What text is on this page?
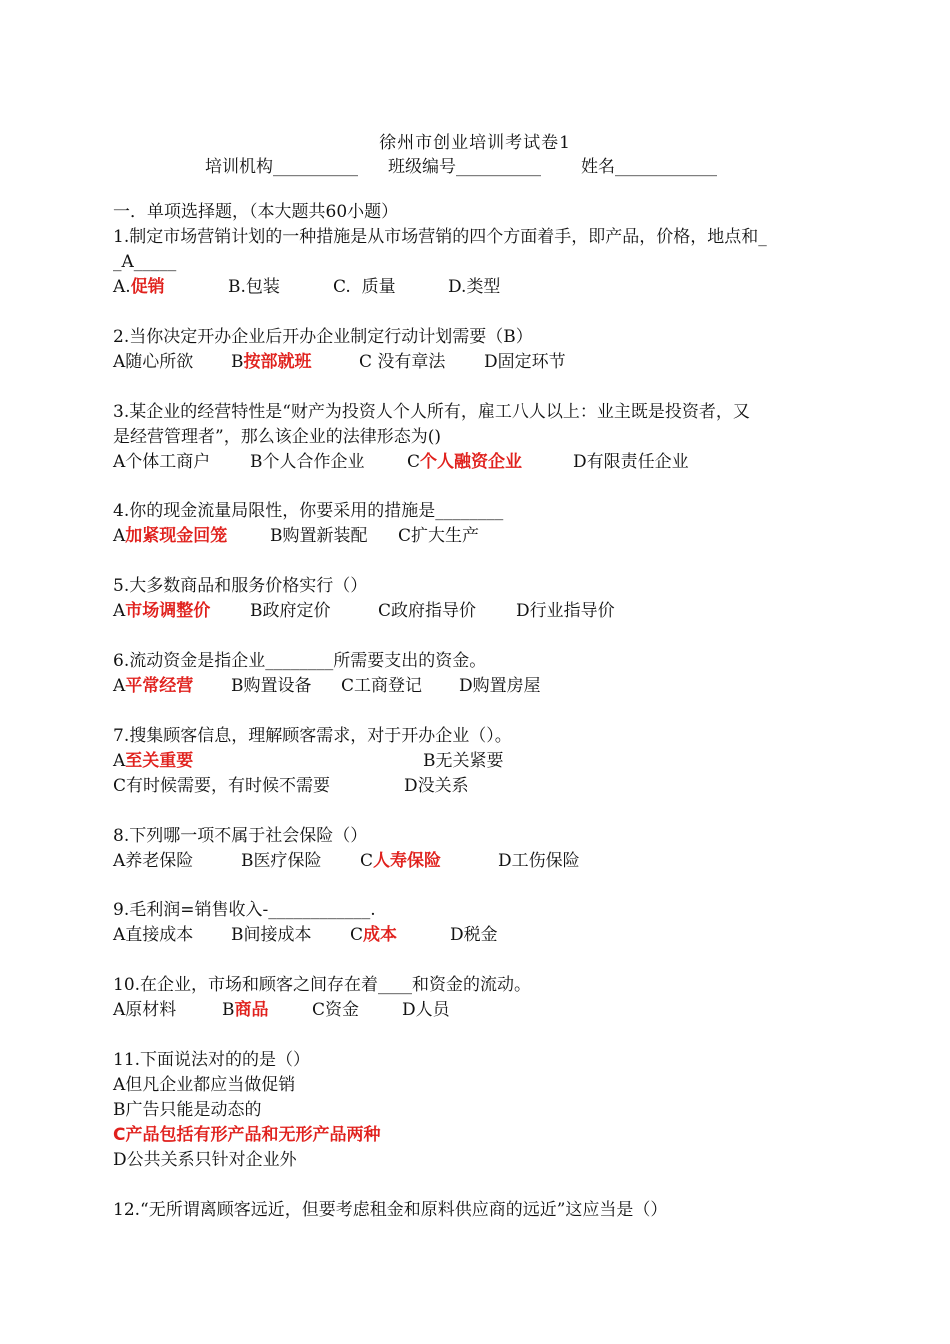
徐州市创业培训考试卷1
培训机构__________ 班级编号__________ 姓名____________
一．单项选择题，（本大题共60小题）
1.制定市场营销计划的一种措施是从市场营销的四个方面着手，即产品，价格，地点和_
_A_____
A.促销	B.包装	C.  质量	D.类型
2.当你决定开办企业后开办企业制定行动计划需要（B）
A随心所欲 B按部就班	C 没有章法 D固定环节
3.某企业的经营特性是“财产为投资人个人所有，雇工八人以上：业主既是投资者，又
是经营管理者”，那么该企业的法律形态为()
A个体工商户 B个人合作企业	C个人融资企业	D有限责任企业
4.你的现金流量局限性，你要采用的措施是________
A加紧现金回笼	B购置新装配 C扩大生产
5.大多数商品和服务价格实行（）
A市场调整价 B政府定价	C政府指导价 D行业指导价
6.流动资金是指企业________所需要支出的资金。
A平常经营 B购置设备 C工商登记 D购置房屋
7.搜集顾客信息，理解顾客需求，对于开办企业（）。
A至关重要	B无关紧要
C有时候需要，有时候不需要	D没关系
8.下列哪一项不属于社会保险（）
A养老保险	B医疗保险 C人寿保险	D工伤保险
9.毛利润=销售收入-____________.
A直接成本 B间接成本 C成本	D税金
10.在企业，市场和顾客之间存在着____和资金的流动。
A原材料	B商品	C资金	D人员
11.下面说法对的的是（）
A但凡企业都应当做促销
B广告只能是动态的
C产品包括有形产品和无形产品两种
D公共关系只针对企业外
12.“无所谓离顾客远近，但要考虑租金和原料供应商的远近”这应当是（）
